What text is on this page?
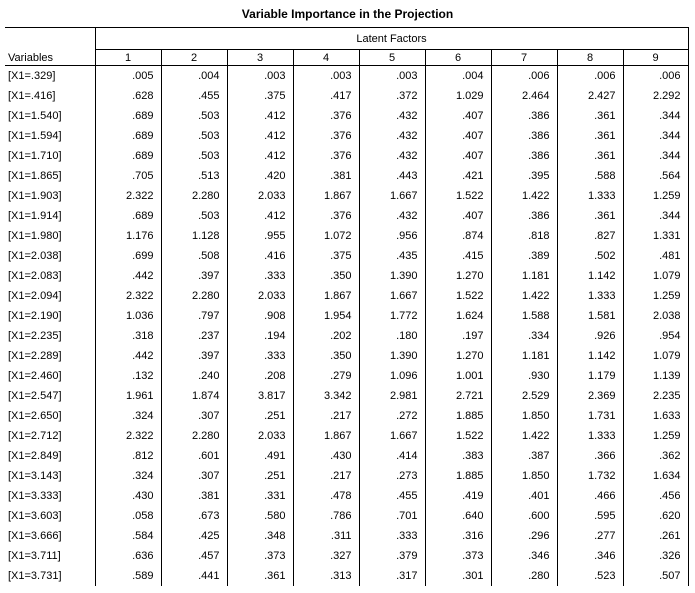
Variable Importance in the Projection
Variables	Latent Factors								
	1	2	3	4	5	6	7	8	9
[X1=.329]	.005	.004	.003	.003	.003	.004	.006	.006	.006
[X1=.416]	.628	.455	.375	.417	.372	1.029	2.464	2.427	2.292
[X1=1.540]	.689	.503	.412	.376	.432	.407	.386	.361	.344
[X1=1.594]	.689	.503	.412	.376	.432	.407	.386	.361	.344
[X1=1.710]	.689	.503	.412	.376	.432	.407	.386	.361	.344
[X1=1.865]	.705	.513	.420	.381	.443	.421	.395	.588	.564
[X1=1.903]	2.322	2.280	2.033	1.867	1.667	1.522	1.422	1.333	1.259
[X1=1.914]	.689	.503	.412	.376	.432	.407	.386	.361	.344
[X1=1.980]	1.176	1.128	.955	1.072	.956	.874	.818	.827	1.331
[X1=2.038]	.699	.508	.416	.375	.435	.415	.389	.502	.481
[X1=2.083]	.442	.397	.333	.350	1.390	1.270	1.181	1.142	1.079
[X1=2.094]	2.322	2.280	2.033	1.867	1.667	1.522	1.422	1.333	1.259
[X1=2.190]	1.036	.797	.908	1.954	1.772	1.624	1.588	1.581	2.038
[X1=2.235]	.318	.237	.194	.202	.180	.197	.334	.926	.954
[X1=2.289]	.442	.397	.333	.350	1.390	1.270	1.181	1.142	1.079
[X1=2.460]	.132	.240	.208	.279	1.096	1.001	.930	1.179	1.139
[X1=2.547]	1.961	1.874	3.817	3.342	2.981	2.721	2.529	2.369	2.235
[X1=2.650]	.324	.307	.251	.217	.272	1.885	1.850	1.731	1.633
[X1=2.712]	2.322	2.280	2.033	1.867	1.667	1.522	1.422	1.333	1.259
[X1=2.849]	.812	.601	.491	.430	.414	.383	.387	.366	.362
[X1=3.143]	.324	.307	.251	.217	.273	1.885	1.850	1.732	1.634
[X1=3.333]	.430	.381	.331	.478	.455	.419	.401	.466	.456
[X1=3.603]	.058	.673	.580	.786	.701	.640	.600	.595	.620
[X1=3.666]	.584	.425	.348	.311	.333	.316	.296	.277	.261
[X1=3.711]	.636	.457	.373	.327	.379	.373	.346	.346	.326
[X1=3.731]	.589	.441	.361	.313	.317	.301	.280	.523	.507
